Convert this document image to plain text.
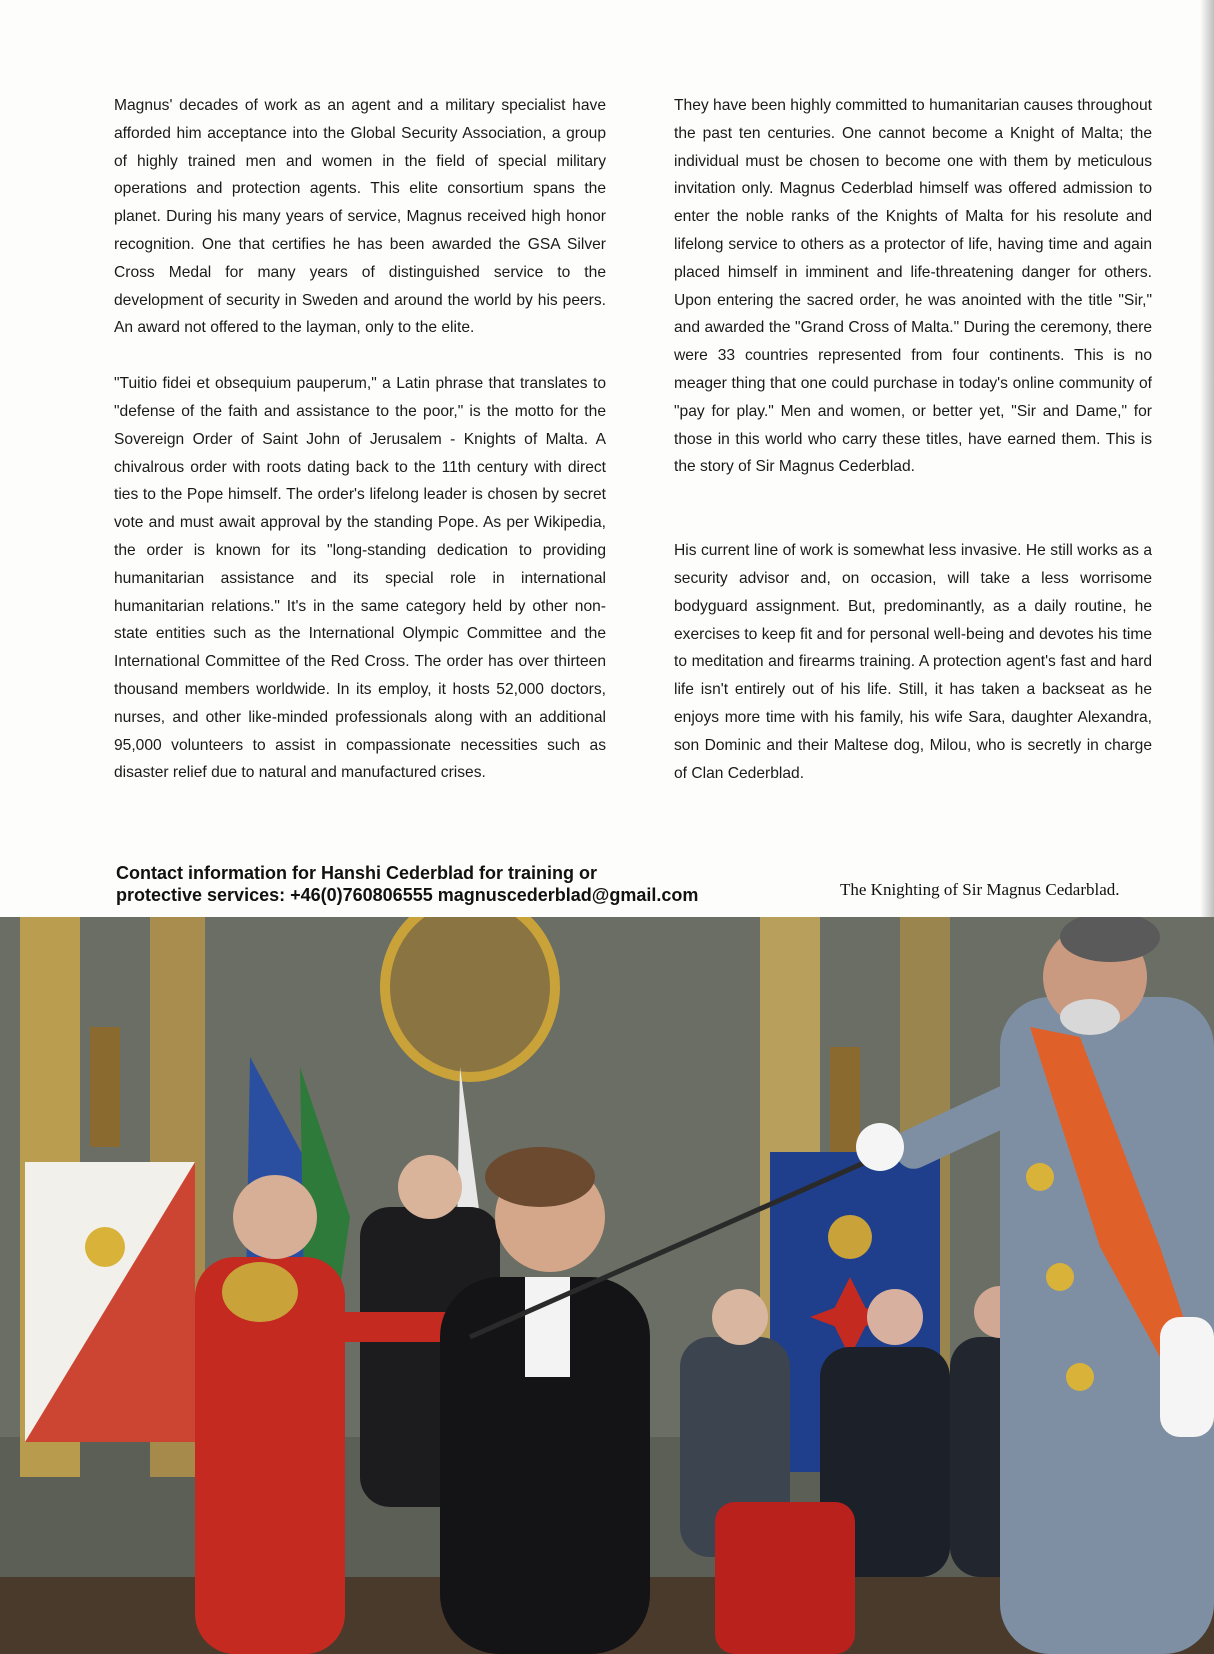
Magnus' decades of work as an agent and a military specialist have afforded him acceptance into the Global Security Association, a group of highly trained men and women in the field of special military operations and protection agents. This elite consortium spans the planet. During his many years of service, Magnus received high honor recognition. One that certifies he has been awarded the GSA Silver Cross Medal for many years of distinguished service to the development of security in Sweden and around the world by his peers. An award not offered to the layman, only to the elite.

"Tuitio fidei et obsequium pauperum," a Latin phrase that translates to "defense of the faith and assistance to the poor," is the motto for the Sovereign Order of Saint John of Jerusalem - Knights of Malta. A chivalrous order with roots dating back to the 11th century with direct ties to the Pope himself. The order's lifelong leader is chosen by secret vote and must await approval by the standing Pope. As per Wikipedia, the order is known for its "long-standing dedication to providing humanitarian assistance and its special role in international humanitarian relations." It's in the same category held by other non-state entities such as the International Olympic Committee and the International Committee of the Red Cross. The order has over thirteen thousand members worldwide. In its employ, it hosts 52,000 doctors, nurses, and other like-minded professionals along with an additional 95,000 volunteers to assist in compassionate necessities such as disaster relief due to natural and manufactured crises.

They have been highly committed to humanitarian causes throughout the past ten centuries. One cannot become a Knight of Malta; the individual must be chosen to become one with them by meticulous invitation only. Magnus Cederblad himself was offered admission to enter the noble ranks of the Knights of Malta for his resolute and lifelong service to others as a protector of life, having time and again placed himself in imminent and life-threatening danger for others. Upon entering the sacred order, he was anointed with the title "Sir," and awarded the "Grand Cross of Malta." During the ceremony, there were 33 countries represented from four continents. This is no meager thing that one could purchase in today's online community of "pay for play." Men and women, or better yet, "Sir and Dame," for those in this world who carry these titles, have earned them. This is the story of Sir Magnus Cederblad.

His current line of work is somewhat less invasive. He still works as a security advisor and, on occasion, will take a less worrisome bodyguard assignment. But, predominantly, as a daily routine, he exercises to keep fit and for personal well-being and devotes his time to meditation and firearms training. A protection agent's fast and hard life isn't entirely out of his life. Still, it has taken a backseat as he enjoys more time with his family, his wife Sara, daughter Alexandra, son Dominic and their Maltese dog, Milou, who is secretly in charge of Clan Cederblad.

Contact information for Hanshi Cederblad for training or
protective services: +46(0)760806555 magnuscederblad@gmail.com	The Knighting of Sir Magnus Cedarblad.
